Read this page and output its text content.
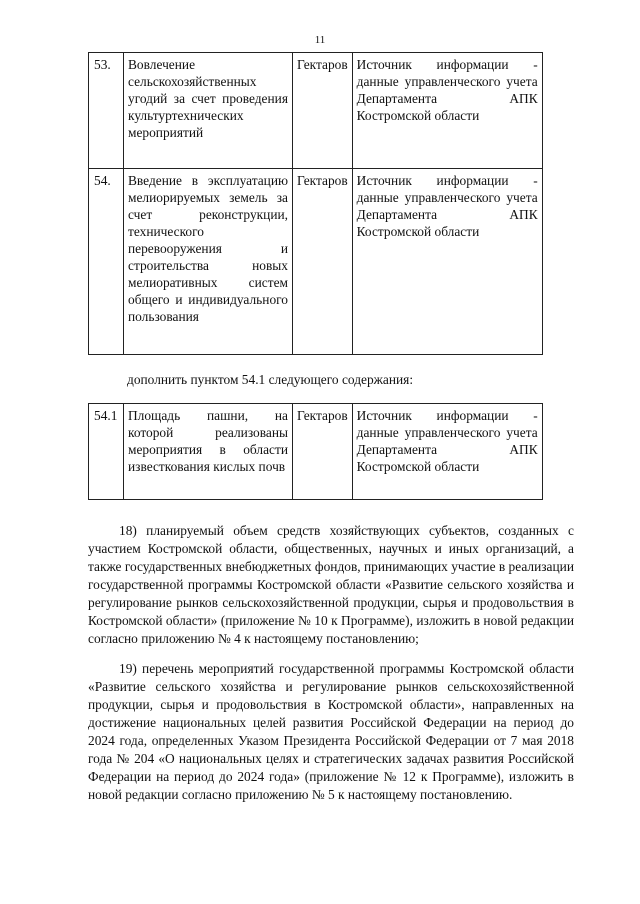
11
53.	Вовлечение сельскохозяйственных угодий за счет проведения культуртехнических мероприятий	Гектаров	Источник информации - данные управленческого учета Департамента АПК Костромской области
54.	Введение в эксплуатацию мелиорируемых земель за счет реконструкции, технического перевооружения и строительства новых мелиоративных систем общего и индивидуального пользования	Гектаров	Источник информации - данные управленческого учета Департамента АПК Костромской области
дополнить пунктом 54.1 следующего содержания:
54.1	Площадь пашни, на которой реализованы мероприятия в области известкования кислых почв	Гектаров	Источник информации - данные управленческого учета Департамента АПК Костромской области

18) планируемый объем средств хозяйствующих субъектов, созданных с участием Костромской области, общественных, научных и иных организаций, а также государственных внебюджетных фондов, принимающих участие в реализации государственной программы Костромской области «Развитие сельского хозяйства и регулирование рынков сельскохозяйственной продукции, сырья и продовольствия в Костромской области» (приложение № 10 к Программе), изложить в новой редакции согласно приложению № 4 к настоящему постановлению;

19) перечень мероприятий государственной программы Костромской области «Развитие сельского хозяйства и регулирование рынков сельскохозяйственной продукции, сырья и продовольствия в Костромской области», направленных на достижение национальных целей развития Российской Федерации на период до 2024 года, определенных Указом Президента Российской Федерации от 7 мая 2018 года № 204 «О национальных целях и стратегических задачах развития Российской Федерации на период до 2024 года» (приложение № 12 к Программе), изложить в новой редакции согласно приложению № 5 к настоящему постановлению.
